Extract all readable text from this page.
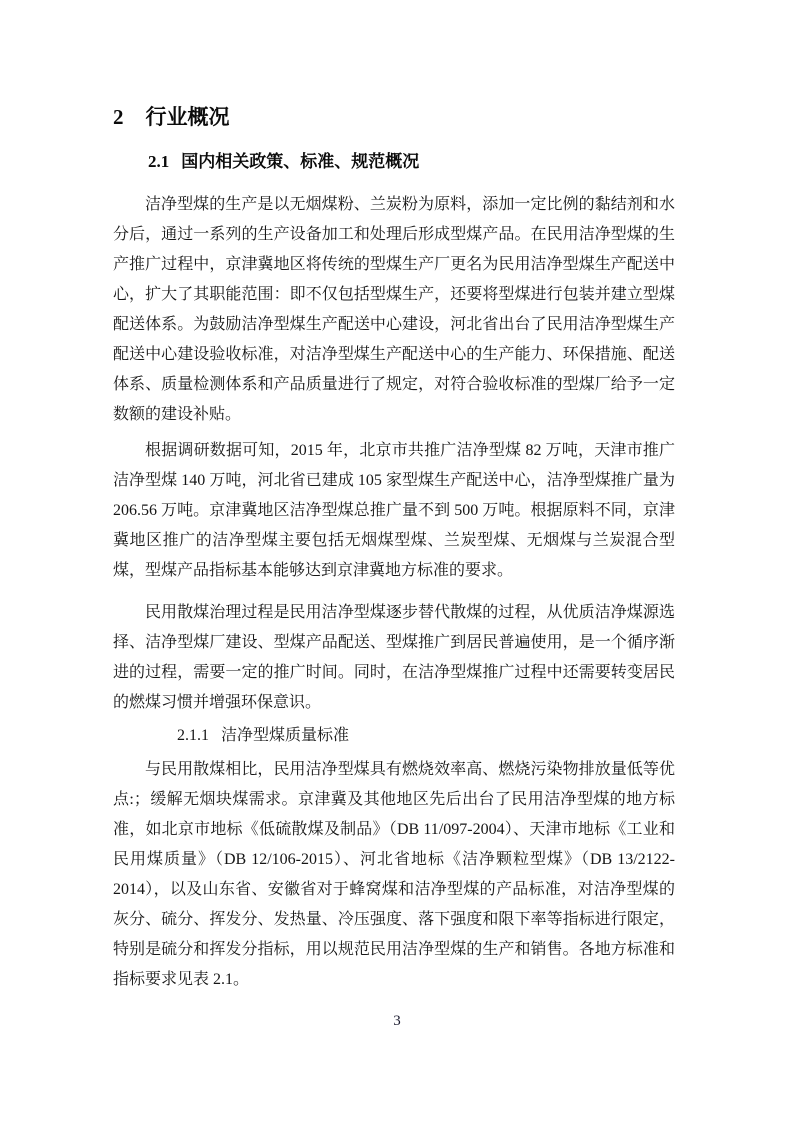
2 行业概况
2.1 国内相关政策、标准、规范概况

洁净型煤的生产是以无烟煤粉、兰炭粉为原料，添加一定比例的黏结剂和水分后，通过一系列的生产设备加工和处理后形成型煤产品。在民用洁净型煤的生产推广过程中，京津冀地区将传统的型煤生产厂更名为民用洁净型煤生产配送中心，扩大了其职能范围：即不仅包括型煤生产，还要将型煤进行包装并建立型煤配送体系。为鼓励洁净型煤生产配送中心建设，河北省出台了民用洁净型煤生产配送中心建设验收标准，对洁净型煤生产配送中心的生产能力、环保措施、配送体系、质量检测体系和产品质量进行了规定，对符合验收标准的型煤厂给予一定数额的建设补贴。

根据调研数据可知，2015 年，北京市共推广洁净型煤 82 万吨，天津市推广洁净型煤 140 万吨，河北省已建成 105 家型煤生产配送中心，洁净型煤推广量为 206.56 万吨。京津冀地区洁净型煤总推广量不到 500 万吨。根据原料不同，京津冀地区推广的洁净型煤主要包括无烟煤型煤、兰炭型煤、无烟煤与兰炭混合型煤，型煤产品指标基本能够达到京津冀地方标准的要求。

民用散煤治理过程是民用洁净型煤逐步替代散煤的过程，从优质洁净煤源选择、洁净型煤厂建设、型煤产品配送、型煤推广到居民普遍使用，是一个循序渐进的过程，需要一定的推广时间。同时，在洁净型煤推广过程中还需要转变居民的燃煤习惯并增强环保意识。

2.1.1 洁净型煤质量标准

与民用散煤相比，民用洁净型煤具有燃烧效率高、燃烧污染物排放量低等优点:；缓解无烟块煤需求。京津冀及其他地区先后出台了民用洁净型煤的地方标准，如北京市地标《低硫散煤及制品》（DB 11/097-2004）、天津市地标《工业和民用煤质量》（DB 12/106-2015）、河北省地标《洁净颗粒型煤》（DB 13/2122-2014），以及山东省、安徽省对于蜂窝煤和洁净型煤的产品标准，对洁净型煤的灰分、硫分、挥发分、发热量、冷压强度、落下强度和限下率等指标进行限定，特别是硫分和挥发分指标，用以规范民用洁净型煤的生产和销售。各地方标准和指标要求见表 2.1。

3
